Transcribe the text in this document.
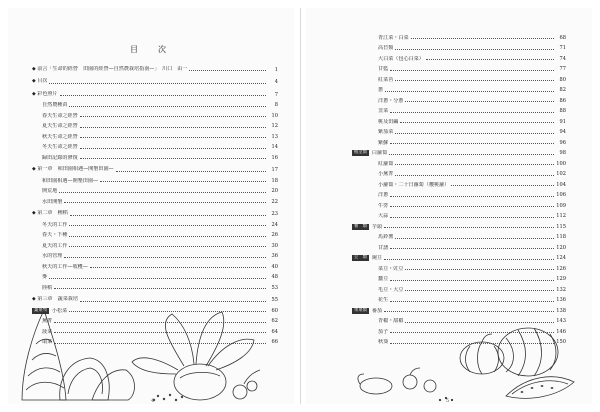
目　次
◆ 前言「生命的經營　田園的經營—自然農栽培指南—」　川口　由一	1
◆ 目次	4
◆ 彩色照片	7
自然農種苗	8
春天生命之經營	10
夏天生命之經營	12
秋天生命之經營	13
冬天生命之經營	14
歸田記錄的修復	16
◆ 第一章　和田園相遇—開墾田園—	17
和田園相遇—開墾田園—	18
開荒地	20
水田開墾	22
◆ 第二章　種稻	23
冬天的工作	24
春天・下種	26
夏天的工作	30
水的管理	36
秋天的工作—收穫—	40
麥	48
陸稻	53
◆ 第三章　蔬菜栽培	55
葉菜類 小松菜	60
蕪菁	62
菠菜	64
塌菜	66
4
青江菜・白菜	68
高苣類	71
大白菜（包心白菜）	74
甘藍	77
紅菜苔	80
蔥	82
洋蔥・分蔥	86
韭菜	88
桃及田繭	91
紫茄菜	94
紫蘇	96
根莖類 白蘿蔔	98
紅蘿蔔	100
小蕪菁	102
小蘿蔔・二十日蘿蔔（櫻桃蘿）	104
洋蔥	106
牛蒡	109
大蒜	112
薯　類 芋頭	115
馬鈴薯	118
甘藷	120
豆　類 豌豆	124
菜豆・豇豆	126
蠶豆	129
毛豆・大豆	132
花生	136
果菜類 番茄	138
青椒・甜椒	143
茄子	146
秋葵	150
5
